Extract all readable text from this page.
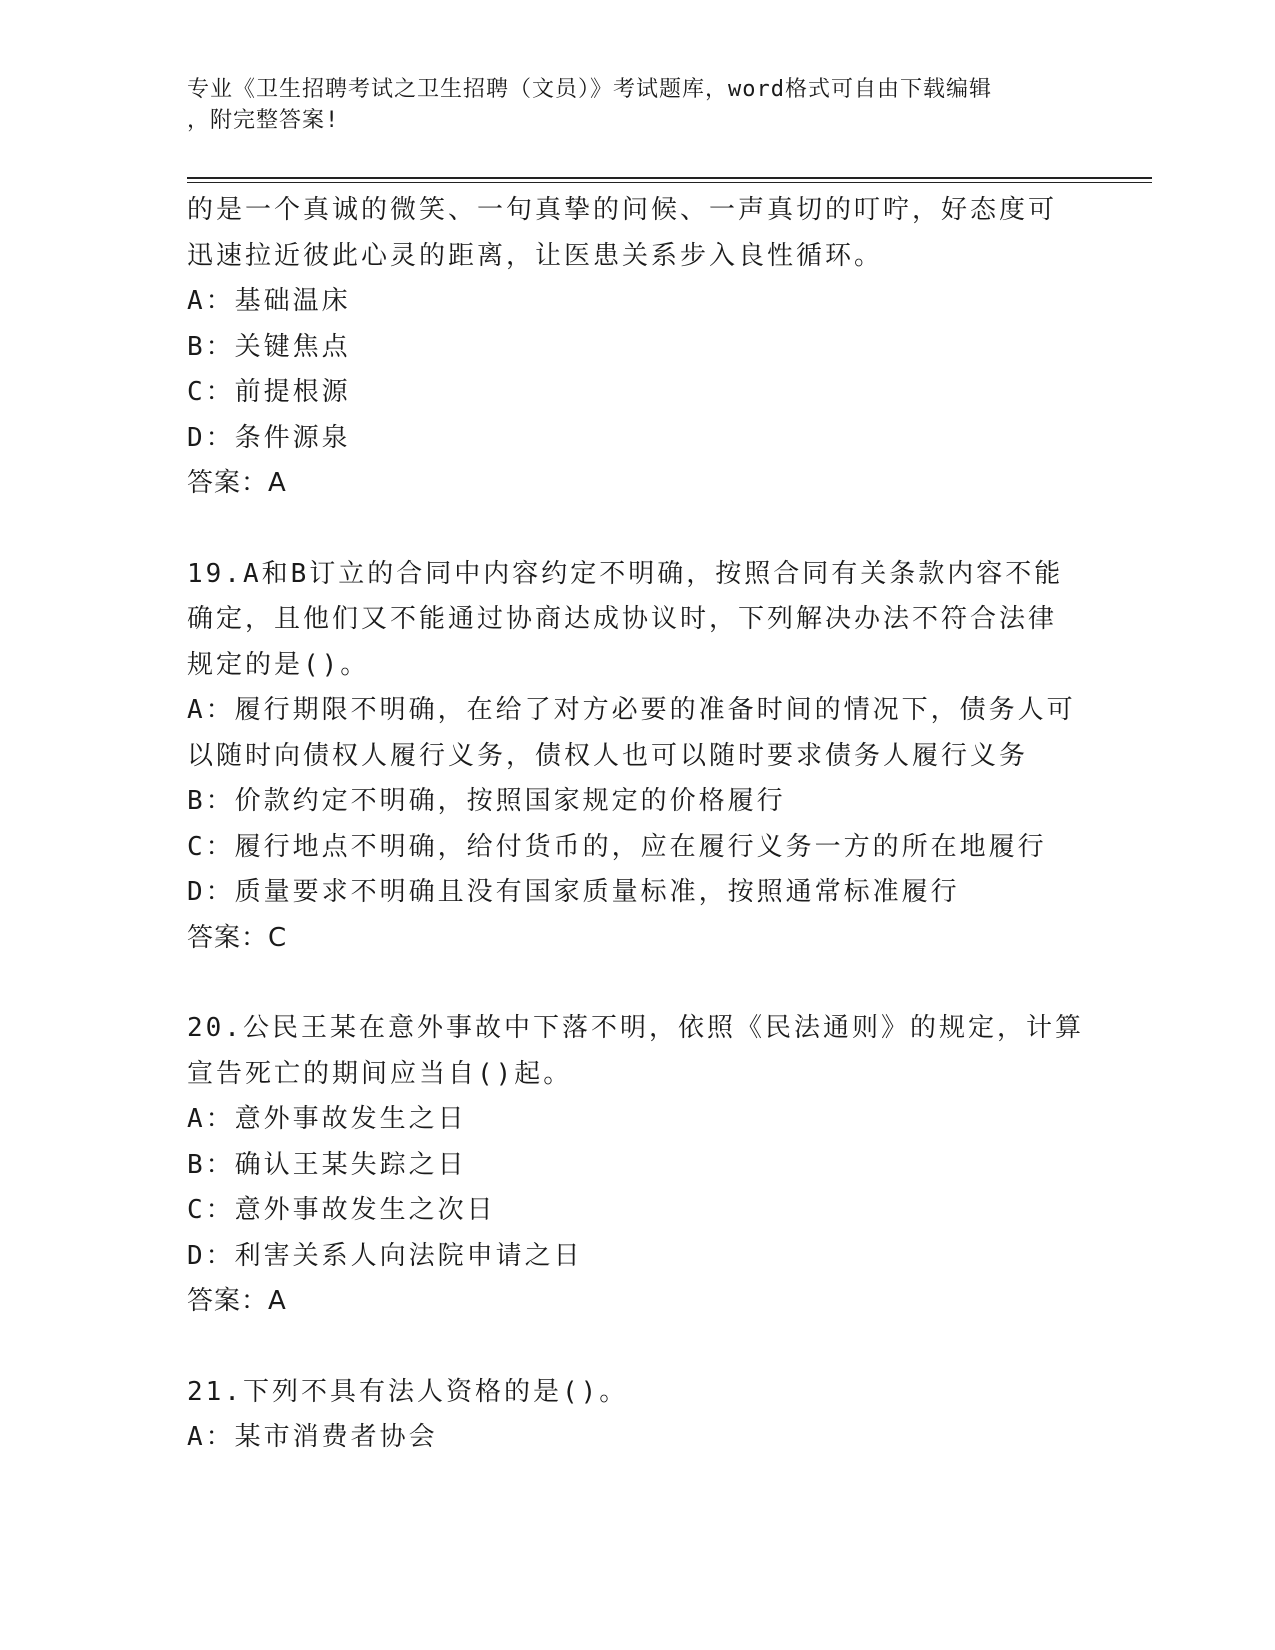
专业《卫生招聘考试之卫生招聘（文员）》考试题库，word格式可自由下载编辑
，附完整答案!
的是一个真诚的微笑、一句真挚的问候、一声真切的叮咛，好态度可
迅速拉近彼此心灵的距离，让医患关系步入良性循环。
A：基础温床
B：关键焦点
C：前提根源
D：条件源泉
答案：A
19.A和B订立的合同中内容约定不明确，按照合同有关条款内容不能
确定，且他们又不能通过协商达成协议时，下列解决办法不符合法律
规定的是()。
A：履行期限不明确，在给了对方必要的准备时间的情况下，债务人可
以随时向债权人履行义务，债权人也可以随时要求债务人履行义务
B：价款约定不明确，按照国家规定的价格履行
C：履行地点不明确，给付货币的，应在履行义务一方的所在地履行
D：质量要求不明确且没有国家质量标准，按照通常标准履行
答案：C
20.公民王某在意外事故中下落不明，依照《民法通则》的规定，计算
宣告死亡的期间应当自()起。
A：意外事故发生之日
B：确认王某失踪之日
C：意外事故发生之次日
D：利害关系人向法院申请之日
答案：A
21.下列不具有法人资格的是()。
A：某市消费者协会
